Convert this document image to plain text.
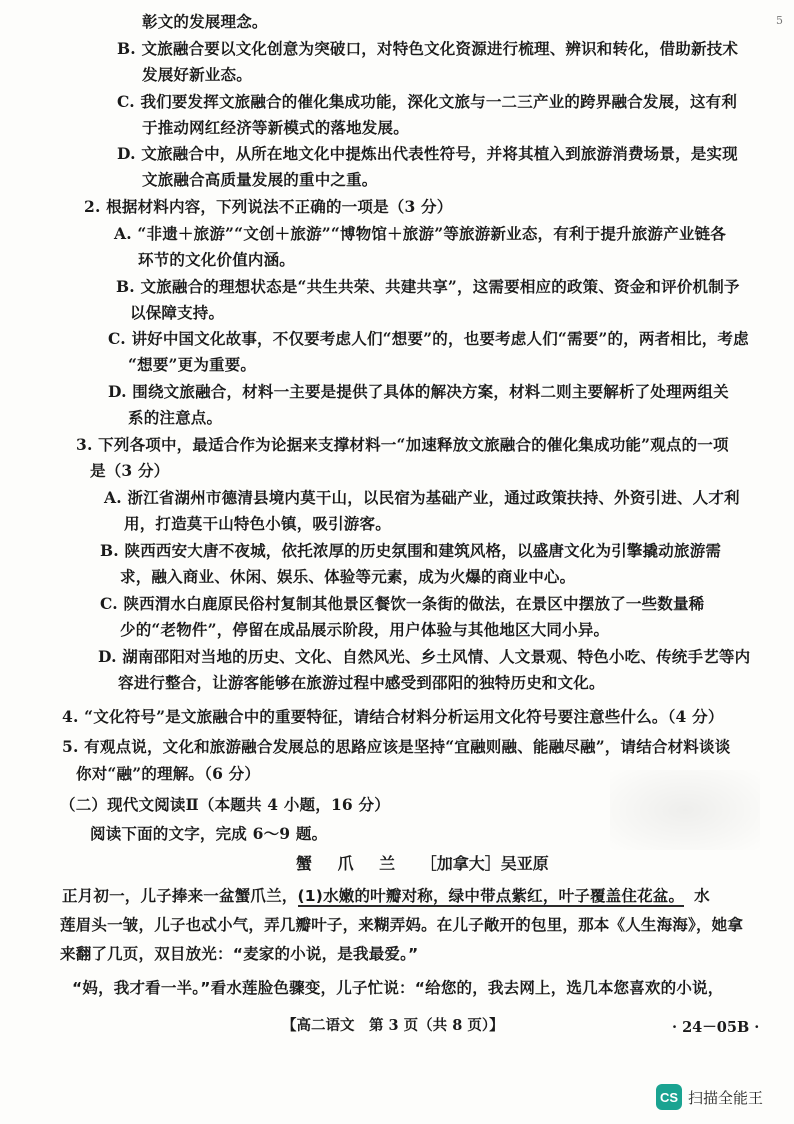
5
彰文的发展理念。
B. 文旅融合要以文化创意为突破口，对特色文化资源进行梳理、辨识和转化，借助新技术
发展好新业态。
C. 我们要发挥文旅融合的催化集成功能，深化文旅与一二三产业的跨界融合发展，这有利
于推动网红经济等新模式的落地发展。
D. 文旅融合中，从所在地文化中提炼出代表性符号，并将其植入到旅游消费场景，是实现
文旅融合高质量发展的重中之重。
2. 根据材料内容，下列说法不正确的一项是（3 分）
A. “非遗＋旅游”“文创＋旅游”“博物馆＋旅游”等旅游新业态，有利于提升旅游产业链各
环节的文化价值内涵。
B. 文旅融合的理想状态是“共生共荣、共建共享”，这需要相应的政策、资金和评价机制予
以保障支持。
C. 讲好中国文化故事，不仅要考虑人们“想要”的，也要考虑人们“需要”的，两者相比，考虑
“想要”更为重要。
D. 围绕文旅融合，材料一主要是提供了具体的解决方案，材料二则主要解析了处理两组关
系的注意点。
3. 下列各项中，最适合作为论据来支撑材料一“加速释放文旅融合的催化集成功能”观点的一项
是（3 分）
A. 浙江省湖州市德清县境内莫干山，以民宿为基础产业，通过政策扶持、外资引进、人才利
用，打造莫干山特色小镇，吸引游客。
B. 陕西西安大唐不夜城，依托浓厚的历史氛围和建筑风格，以盛唐文化为引擎撬动旅游需
求，融入商业、休闲、娱乐、体验等元素，成为火爆的商业中心。
C. 陕西渭水白鹿原民俗村复制其他景区餐饮一条街的做法，在景区中摆放了一些数量稀
少的“老物件”，停留在成品展示阶段，用户体验与其他地区大同小异。
D. 湖南邵阳对当地的历史、文化、自然风光、乡土风情、人文景观、特色小吃、传统手艺等内
容进行整合，让游客能够在旅游过程中感受到邵阳的独特历史和文化。
4. “文化符号”是文旅融合中的重要特征，请结合材料分析运用文化符号要注意些什么。（4 分）
5. 有观点说，文化和旅游融合发展总的思路应该是坚持“宜融则融、能融尽融”，请结合材料谈谈
你对“融”的理解。（6 分）
（二）现代文阅读Ⅱ（本题共 4 小题，16 分）
阅读下面的文字，完成 6～9 题。
蟹 爪 兰 ［加拿大］吴亚原
正月初一，儿子捧来一盆蟹爪兰，(1)水嫩的叶瓣对称，绿中带点紫红，叶子覆盖住花盆。 水
莲眉头一皱，儿子也忒小气，弄几瓣叶子，来糊弄妈。在儿子敞开的包里，那本《人生海海》，她拿
来翻了几页，双目放光：“麦家的小说，是我最爱。”
“妈，我才看一半。”看水莲脸色骤变，儿子忙说：“给您的，我去网上，选几本您喜欢的小说，
【高二语文　第 3 页（共 8 页）】	· 24－05B ·
CS 扫描全能王
